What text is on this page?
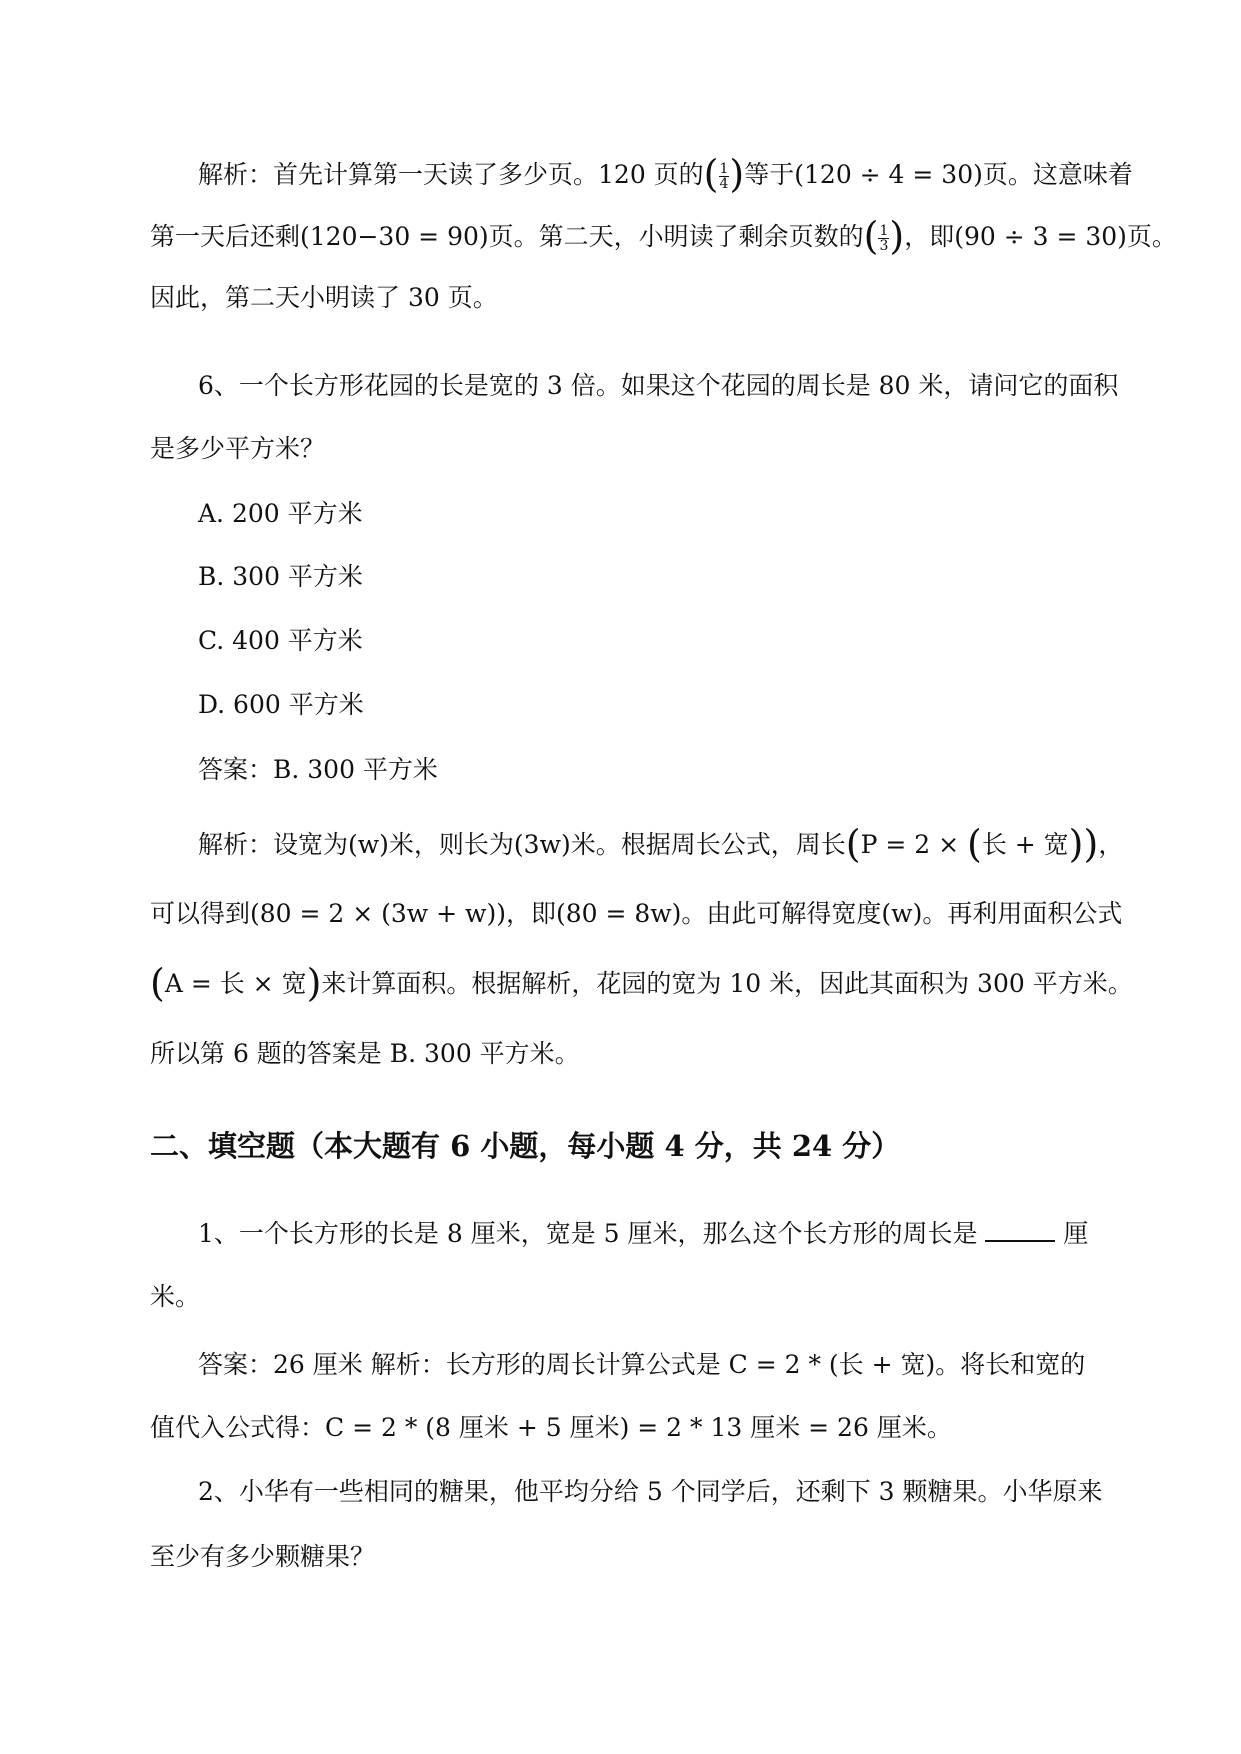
解析：首先计算第一天读了多少页。120 页的( $\frac{1}{4}$ )等于(120 ÷ 4 = 30)页。这意味着

第一天后还剩(120−30 = 90)页。第二天，小明读了剩余页数的( $\frac{1}{3}$ )，即(90 ÷ 3 = 30)页。

因此，第二天小明读了 30 页。

6、一个长方形花园的长是宽的 3 倍。如果这个花园的周长是 80 米，请问它的面积

是多少平方米？

A. 200 平方米

B. 300 平方米

C. 400 平方米

D. 600 平方米

答案：B. 300 平方米

解析：设宽为(w)米，则长为(3w)米。根据周长公式，周长(P = 2 × (长 + 宽))，

可以得到(80 = 2 × (3w + w))，即(80 = 8w)。由此可解得宽度(w)。再利用面积公式

(A = 长 × 宽)来计算面积。根据解析，花园的宽为 10 米，因此其面积为 300 平方米。

所以第 6 题的答案是 B. 300 平方米。

二、填空题（本大题有 6 小题，每小题 4 分，共 24 分）

1、一个长方形的长是 8 厘米，宽是 5 厘米，那么这个长方形的周长是	厘

米。

答案：26 厘米 解析：长方形的周长计算公式是 C = 2 * (长 + 宽)。将长和宽的

值代入公式得：C = 2 * (8 厘米 + 5 厘米) = 2 * 13 厘米 = 26 厘米。

2、小华有一些相同的糖果，他平均分给 5 个同学后，还剩下 3 颗糖果。小华原来

至少有多少颗糖果？
